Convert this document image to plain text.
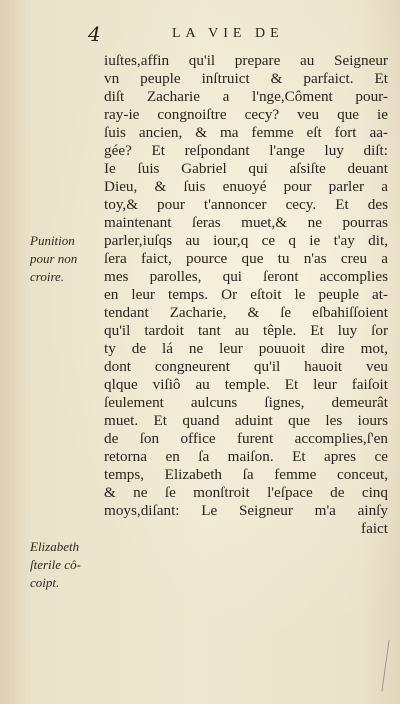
4	LA VIE DE
iuſtes,affin qu'il prepare au Seigneur
vn peuple inſtruict & parfaict. Et
diſt Zacharie a l'nge,Côment pour-
ray-ie congnoiſtre cecy? veu que ie
ſuis ancien, & ma femme eſt fort aa-
gée? Et reſpondant l'ange luy diſt:
Ie ſuis Gabriel qui aſsiſte deuant
Dieu, & ſuis enuoyé pour parler a
toy,& pour t'annoncer cecy. Et des
maintenant ſeras muet,& ne pourras
parler,iuſqs au iour,q ce q ie t'ay dit,
ſera faict, pource que tu n'as creu a
mes parolles, qui ſeront accomplies
en leur temps. Or eſtoit le peuple at-
tendant Zacharie, & ſe eſbahiſſoient
qu'il tardoit tant au têple. Et luy ſor
ty de lá ne leur pouuoit dire mot,
dont congneurent qu'il hauoit veu
qlque viſiô au temple. Et leur faiſoit
ſeulement aulcuns ſignes, demeurât
muet. Et quand aduint que les iours
de ſon office furent accomplies,ſ'en
retorna en ſa maiſon. Et apres ce
temps, Elizabeth ſa femme conceut,
& ne ſe monſtroit l'eſpace de cinq
moys,diſant: Le Seigneur m'a ainſy
faict
Punition
pour non
croire.
Elizabeth
ſterile cô-
coipt.
